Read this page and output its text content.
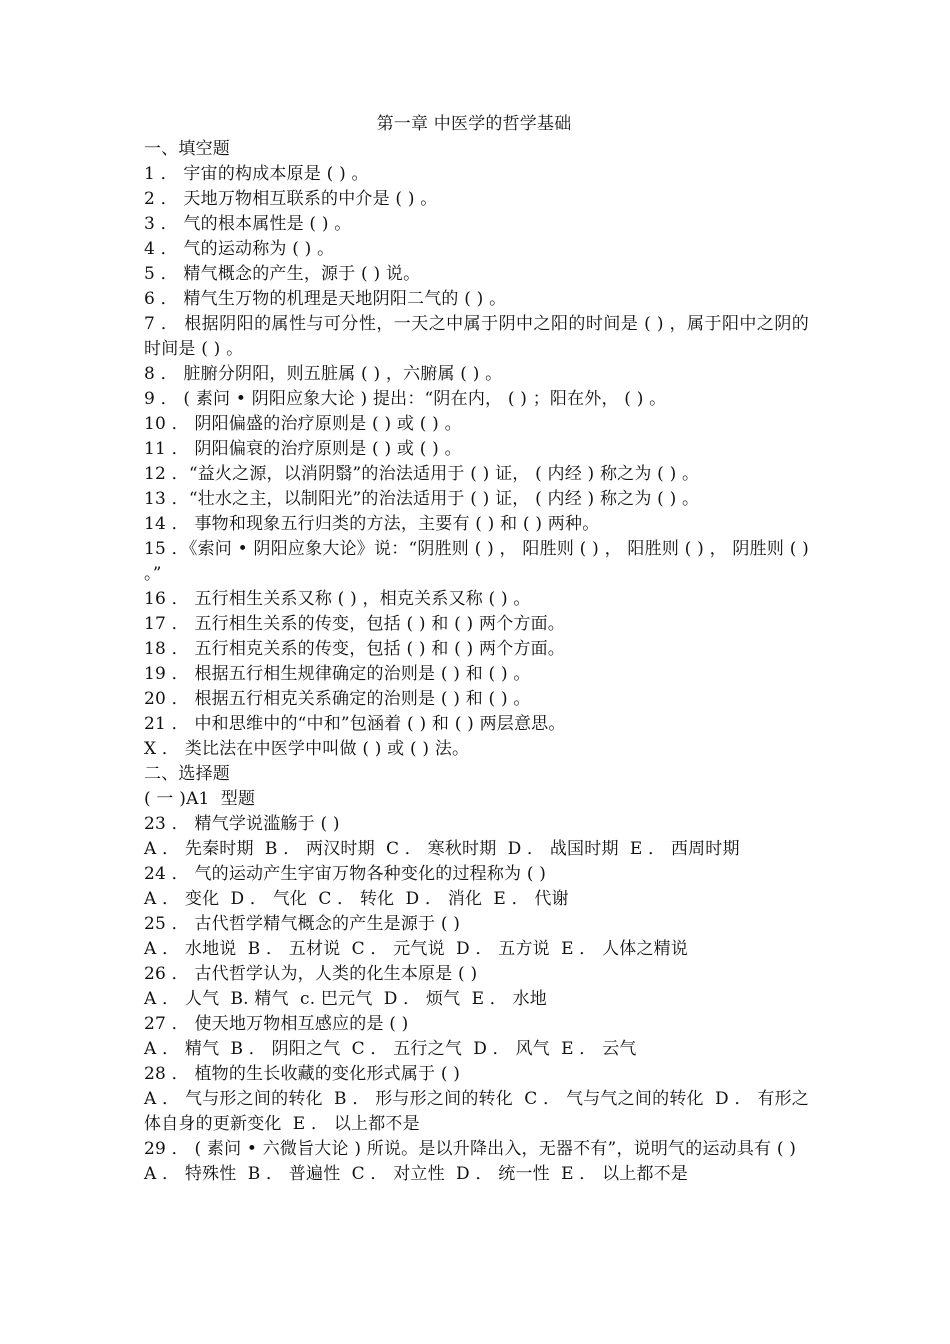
第一章 中医学的哲学基础
一、填空题
1 ． 宇宙的构成本原是 ( ) 。
2 ． 天地万物相互联系的中介是 ( ) 。
3 ． 气的根本属性是 ( ) 。
4 ． 气的运动称为 ( ) 。
5 ． 精气概念的产生，源于 ( ) 说。
6 ． 精气生万物的机理是天地阴阳二气的 ( ) 。
7 ． 根据阴阳的属性与可分性，一天之中属于阴中之阳的时间是 ( ) ，属于阳中之阴的时间是 ( ) 。
8 ． 脏腑分阴阳，则五脏属 ( ) ，六腑属 ( ) 。
9 ． ( 素问 • 阴阳应象大论 ) 提出：“阴在内， ( ) ；阳在外， ( ) 。
10 ． 阴阳偏盛的治疗原则是 ( ) 或 ( ) 。
11 ． 阴阳偏衰的治疗原则是 ( ) 或 ( ) 。
12 ．“益火之源，以消阴翳”的治法适用于 ( ) 证， ( 内经 ) 称之为 ( ) 。
13 ．“壮水之主，以制阳光”的治法适用于 ( ) 证， ( 内经 ) 称之为 ( ) 。
14 ． 事物和现象五行归类的方法，主要有 ( ) 和 ( ) 两种。
15 ．《索问 • 阴阳应象大论》说：“阴胜则 ( ) ， 阳胜则 ( ) ， 阳胜则 ( ) ， 阴胜则 ( ) 。”
16 ． 五行相生关系又称 ( ) ，相克关系又称 ( ) 。
17 ． 五行相生关系的传变，包括 ( ) 和 ( ) 两个方面。
18 ． 五行相克关系的传变，包括 ( ) 和 ( ) 两个方面。
19 ． 根据五行相生规律确定的治则是 ( ) 和 ( ) 。
20 ． 根据五行相克关系确定的治则是 ( ) 和 ( ) 。
21 ． 中和思维中的“中和”包涵着 ( ) 和 ( ) 两层意思。
X ． 类比法在中医学中叫做 ( ) 或 ( ) 法。
二、选择题
( 一 )A1  型题
23 ． 精气学说滥觞于 ( )
A ． 先秦时期  B ． 两汉时期  C ． 寒秋时期  D ． 战国时期  E ． 西周时期
24 ． 气的运动产生宇宙万物各种变化的过程称为 ( )
A ． 变化  D ． 气化  C ． 转化  D ． 消化  E ． 代谢
25 ． 古代哲学精气概念的产生是源于 ( )
A ． 水地说  B ． 五材说  C ． 元气说  D ． 五方说  E ． 人体之精说
26 ． 古代哲学认为，人类的化生本原是 ( )
A ． 人气  B. 精气  c. 巴元气  D ． 烦气  E ． 水地
27 ． 使天地万物相互感应的是 ( )
A ． 精气  B ． 阴阳之气  C ． 五行之气  D ． 风气  E ． 云气
28 ． 植物的生长收藏的变化形式属于 ( )
A ． 气与形之间的转化  B ． 形与形之间的转化  C ． 气与气之间的转化  D ． 有形之体自身的更新变化  E ． 以上都不是
29 ． ( 素问 • 六微旨大论 ) 所说。是以升降出入，无器不有”，说明气的运动具有 ( )
A ． 特殊性  B ． 普遍性  C ． 对立性  D ． 统一性  E ． 以上都不是
